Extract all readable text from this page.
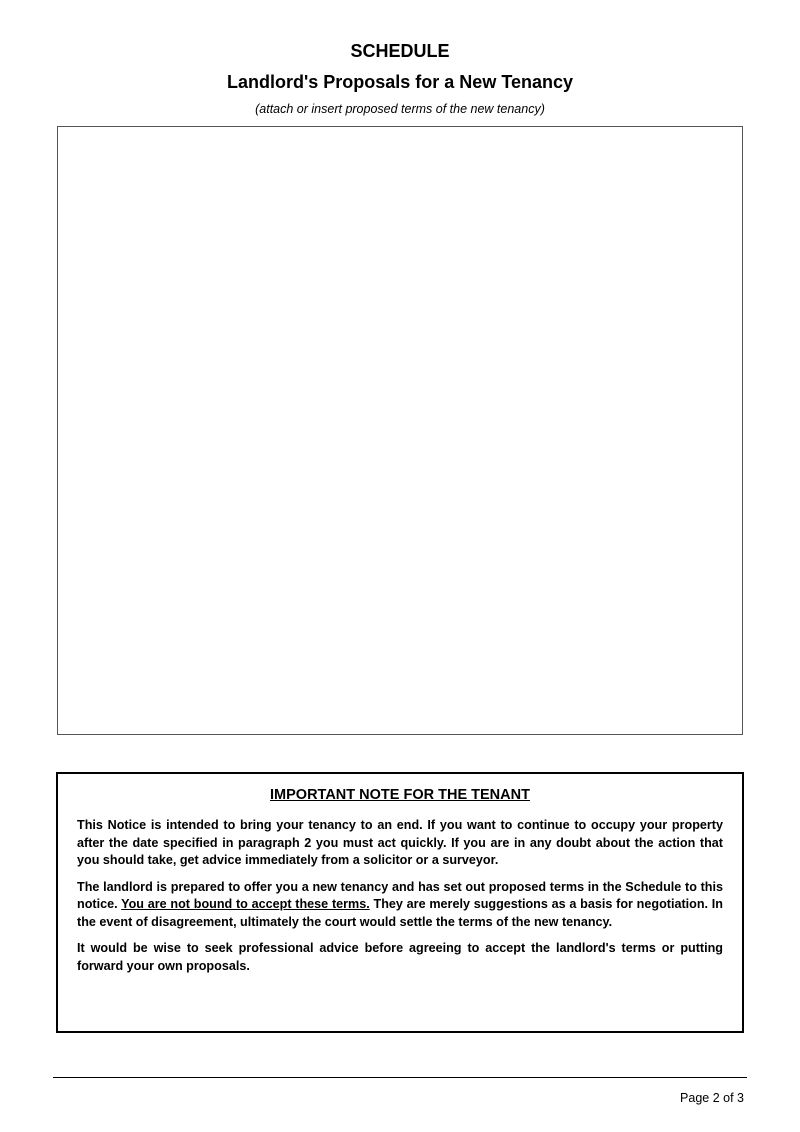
SCHEDULE
Landlord's Proposals for a New Tenancy
(attach or insert proposed terms of the new tenancy)
IMPORTANT NOTE FOR THE TENANT

This Notice is intended to bring your tenancy to an end. If you want to continue to occupy your property after the date specified in paragraph 2 you must act quickly. If you are in any doubt about the action that you should take, get advice immediately from a solicitor or a surveyor.

The landlord is prepared to offer you a new tenancy and has set out proposed terms in the Schedule to this notice. You are not bound to accept these terms. They are merely suggestions as a basis for negotiation. In the event of disagreement, ultimately the court would settle the terms of the new tenancy.

It would be wise to seek professional advice before agreeing to accept the landlord's terms or putting forward your own proposals.

Page 2 of 3
